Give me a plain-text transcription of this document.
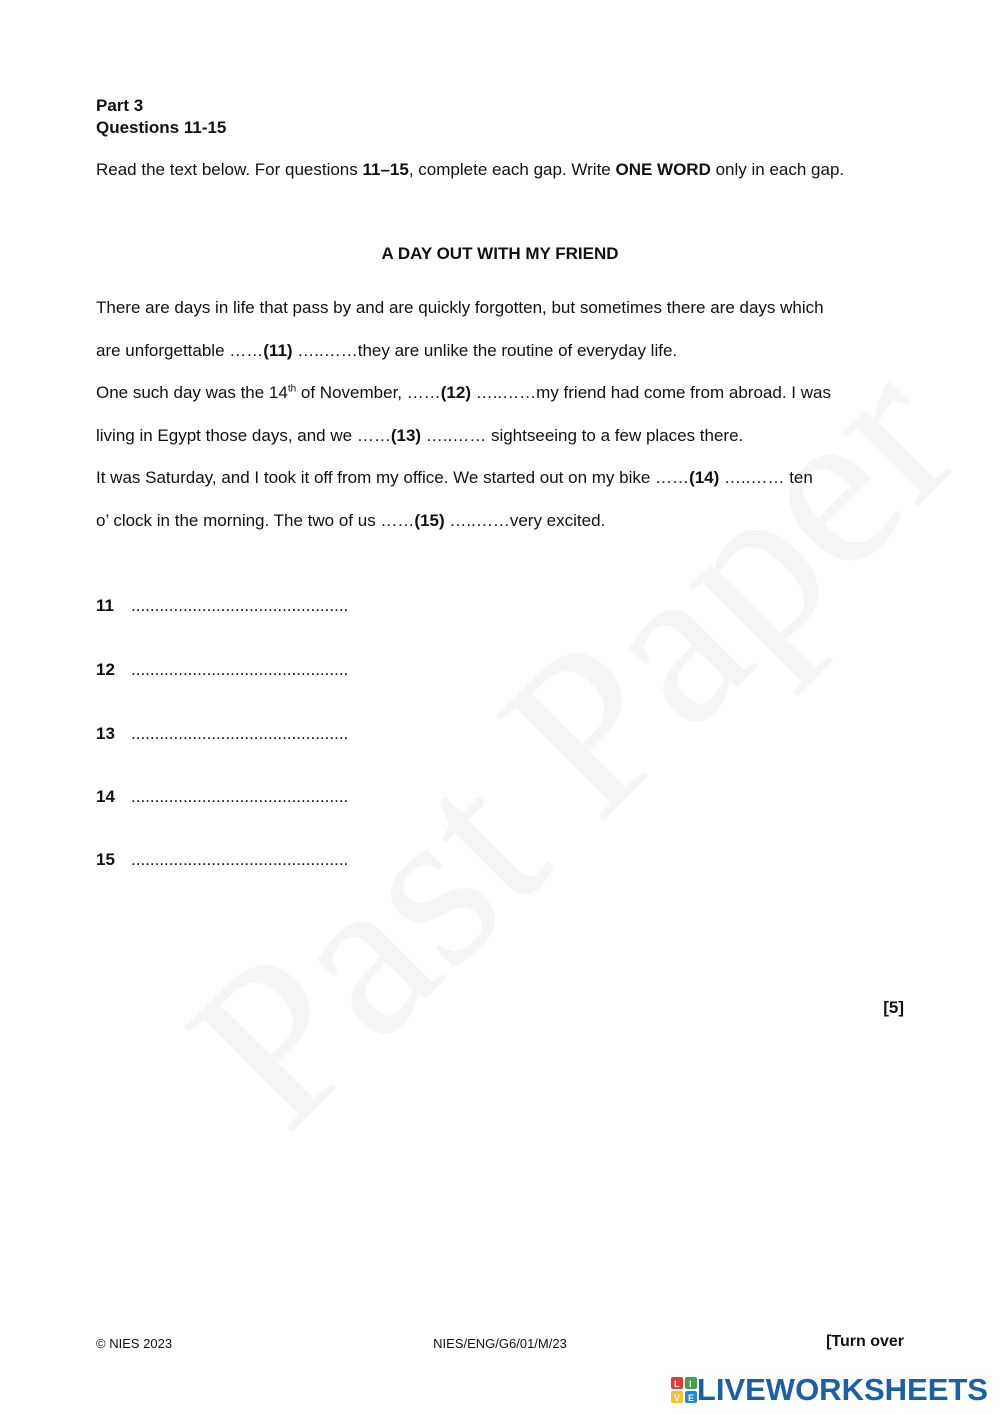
Part 3
Questions 11-15
Read the text below. For questions 11–15, complete each gap. Write ONE WORD only in each gap.
A DAY OUT WITH MY FRIEND
There are days in life that pass by and are quickly forgotten, but sometimes there are days which
are unforgettable ……(11) …..……they are unlike the routine of everyday life.
One such day was the 14th of November, ……(12) …..……my friend had come from abroad. I was
living in Egypt those days, and we ……(13) …..…… sightseeing to a few places there.
It was Saturday, and I took it off from my office. We started out on my bike ……(14) …..…… ten
o’ clock in the morning. The two of us ……(15) …..……very excited.
11..............................................
12..............................................
13..............................................
14..............................................
15..............................................
[5]
© NIES 2023	NIES/ENG/G6/01/M/23	[Turn over
L I
V E LIVEWORKSHEETS
